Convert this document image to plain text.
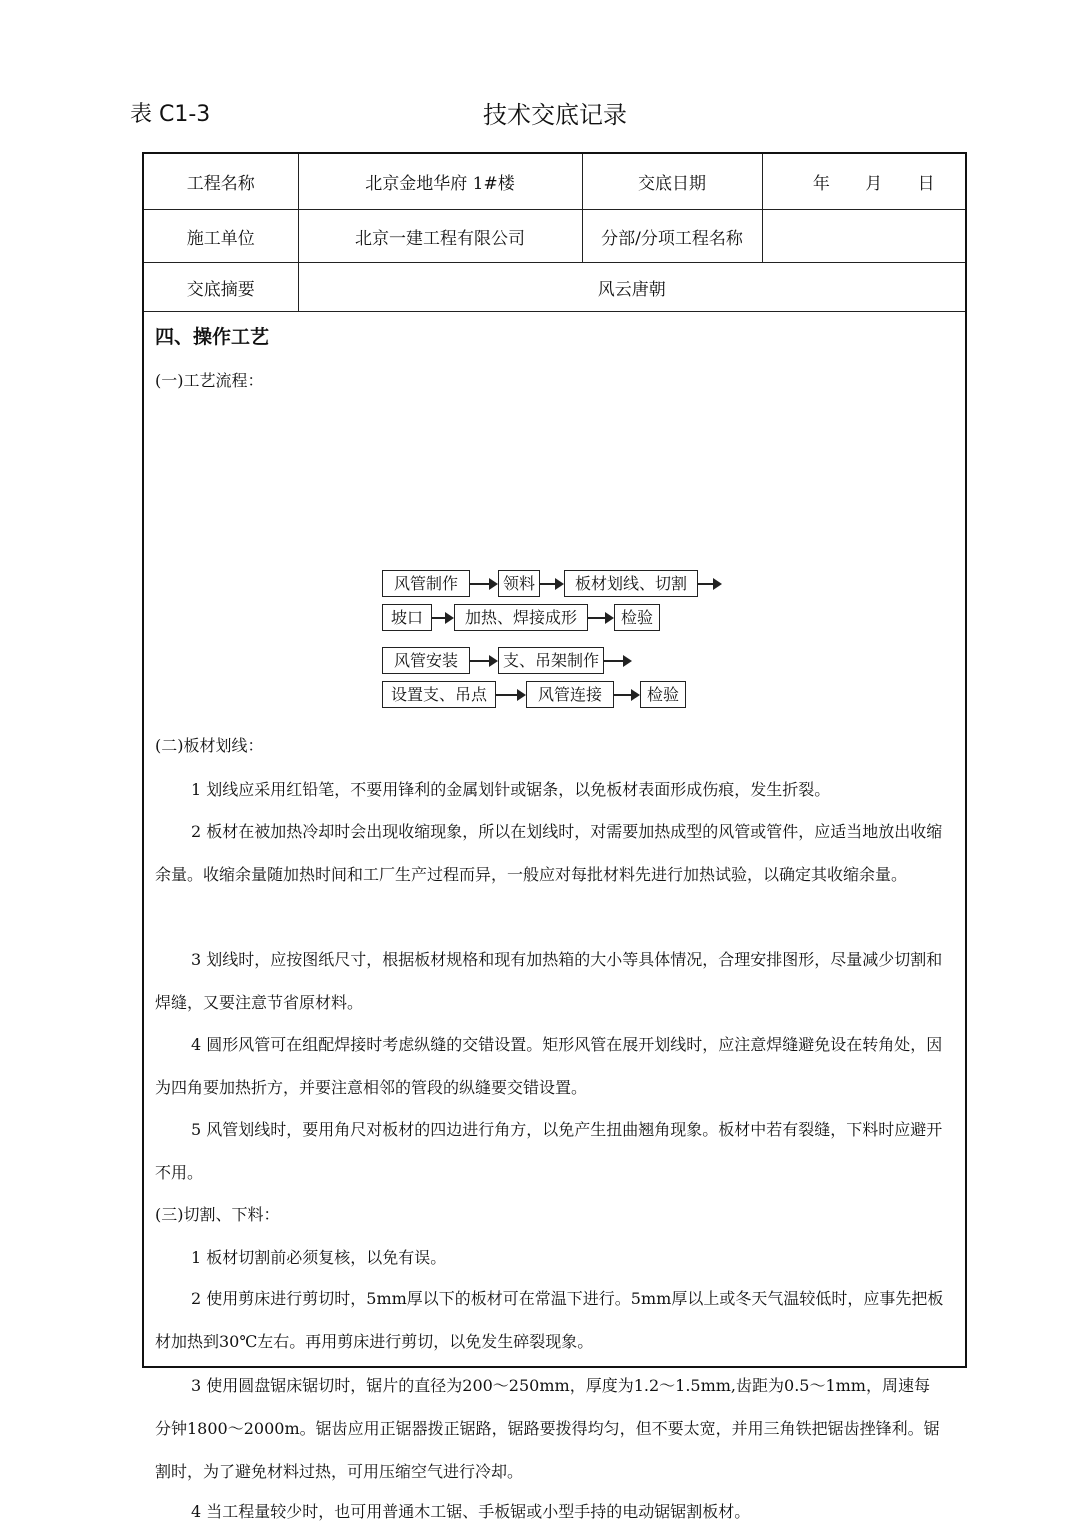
表 C1-3	技术交底记录
工程名称	北京金地华府 1#楼	交底日期	年 月 日
施工单位	北京一建工程有限公司	分部/分项工程名称	
交底摘要	风云唐朝		
四、操作工艺
(一)工艺流程：
风管制作	领料	板材划线、切割
坡口	加热、焊接成形	检验
风管安装	支、吊架制作
设置支、吊点	风管连接	检验
(二)板材划线：
1 划线应采用红铅笔，不要用锋利的金属划针或锯条，以免板材表面形成伤痕，发生折裂。
2 板材在被加热冷却时会出现收缩现象，所以在划线时，对需要加热成型的风管或管件，应适当地放出收缩余量。收缩余量随加热时间和工厂生产过程而异，一般应对每批材料先进行加热试验，以确定其收缩余量。
3 划线时，应按图纸尺寸，根据板材规格和现有加热箱的大小等具体情况，合理安排图形，尽量减少切割和焊缝，又要注意节省原材料。
4 圆形风管可在组配焊接时考虑纵缝的交错设置。矩形风管在展开划线时，应注意焊缝避免设在转角处，因为四角要加热折方，并要注意相邻的管段的纵缝要交错设置。
5 风管划线时，要用角尺对板材的四边进行角方，以免产生扭曲翘角现象。板材中若有裂缝，下料时应避开不用。
(三)切割、下料：
1 板材切割前必须复核，以免有误。
2 使用剪床进行剪切时，5mm厚以下的板材可在常温下进行。5mm厚以上或冬天气温较低时，应事先把板材加热到30℃左右。再用剪床进行剪切，以免发生碎裂现象。
3 使用圆盘锯床锯切时，锯片的直径为200～250mm，厚度为1.2～1.5mm,齿距为0.5～1mm，周速每分钟1800～2000m。锯齿应用正锯器拨正锯路，锯路要拨得均匀，但不要太宽，并用三角铁把锯齿挫锋利。锯割时，为了避免材料过热，可用压缩空气进行冷却。
4 当工程量较少时，也可用普通木工锯、手板锯或小型手持的电动锯锯割板材。
